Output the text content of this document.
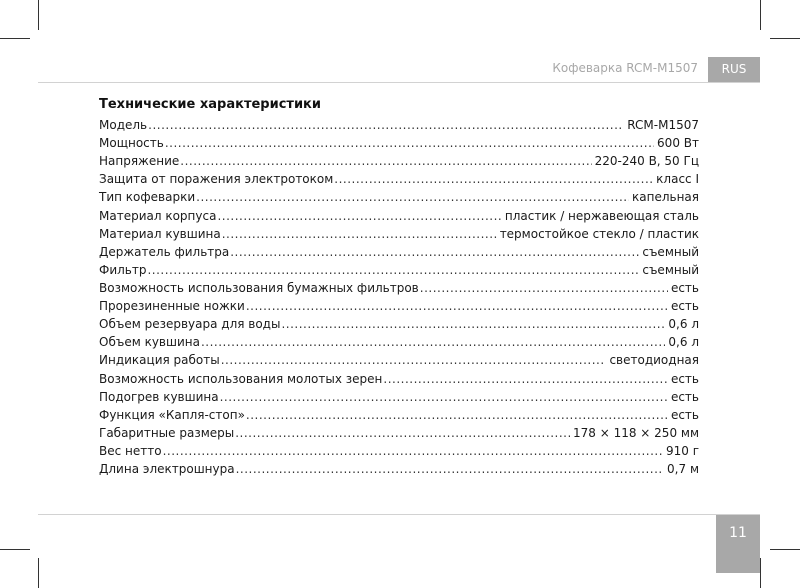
Кофеварка RCM-M1507	RUS
Технические характеристики
Модель .....	RCM-M1507
Мощность .....	600 Вт
Напряжение .....	220-240 В, 50 Гц
Защита от поражения электротоком .....	класс I
Тип кофеварки .....	капельная
Материал корпуса .....	пластик / нержавеющая сталь
Материал кувшина .....	термостойкое стекло / пластик
Держатель фильтра .....	съемный
Фильтр .....	съемный
Возможность использования бумажных фильтров .....	есть
Прорезиненные ножки .....	есть
Объем резервуара для воды .....	0,6 л
Объем кувшина .....	0,6 л
Индикация работы .....	светодиодная
Возможность использования молотых зерен .....	есть
Подогрев кувшина .....	есть
Функция «Капля-стоп» .....	есть
Габаритные размеры .....	178 × 118 × 250 мм
Вес нетто .....	910 г
Длина электрошнура .....	0,7 м
11
